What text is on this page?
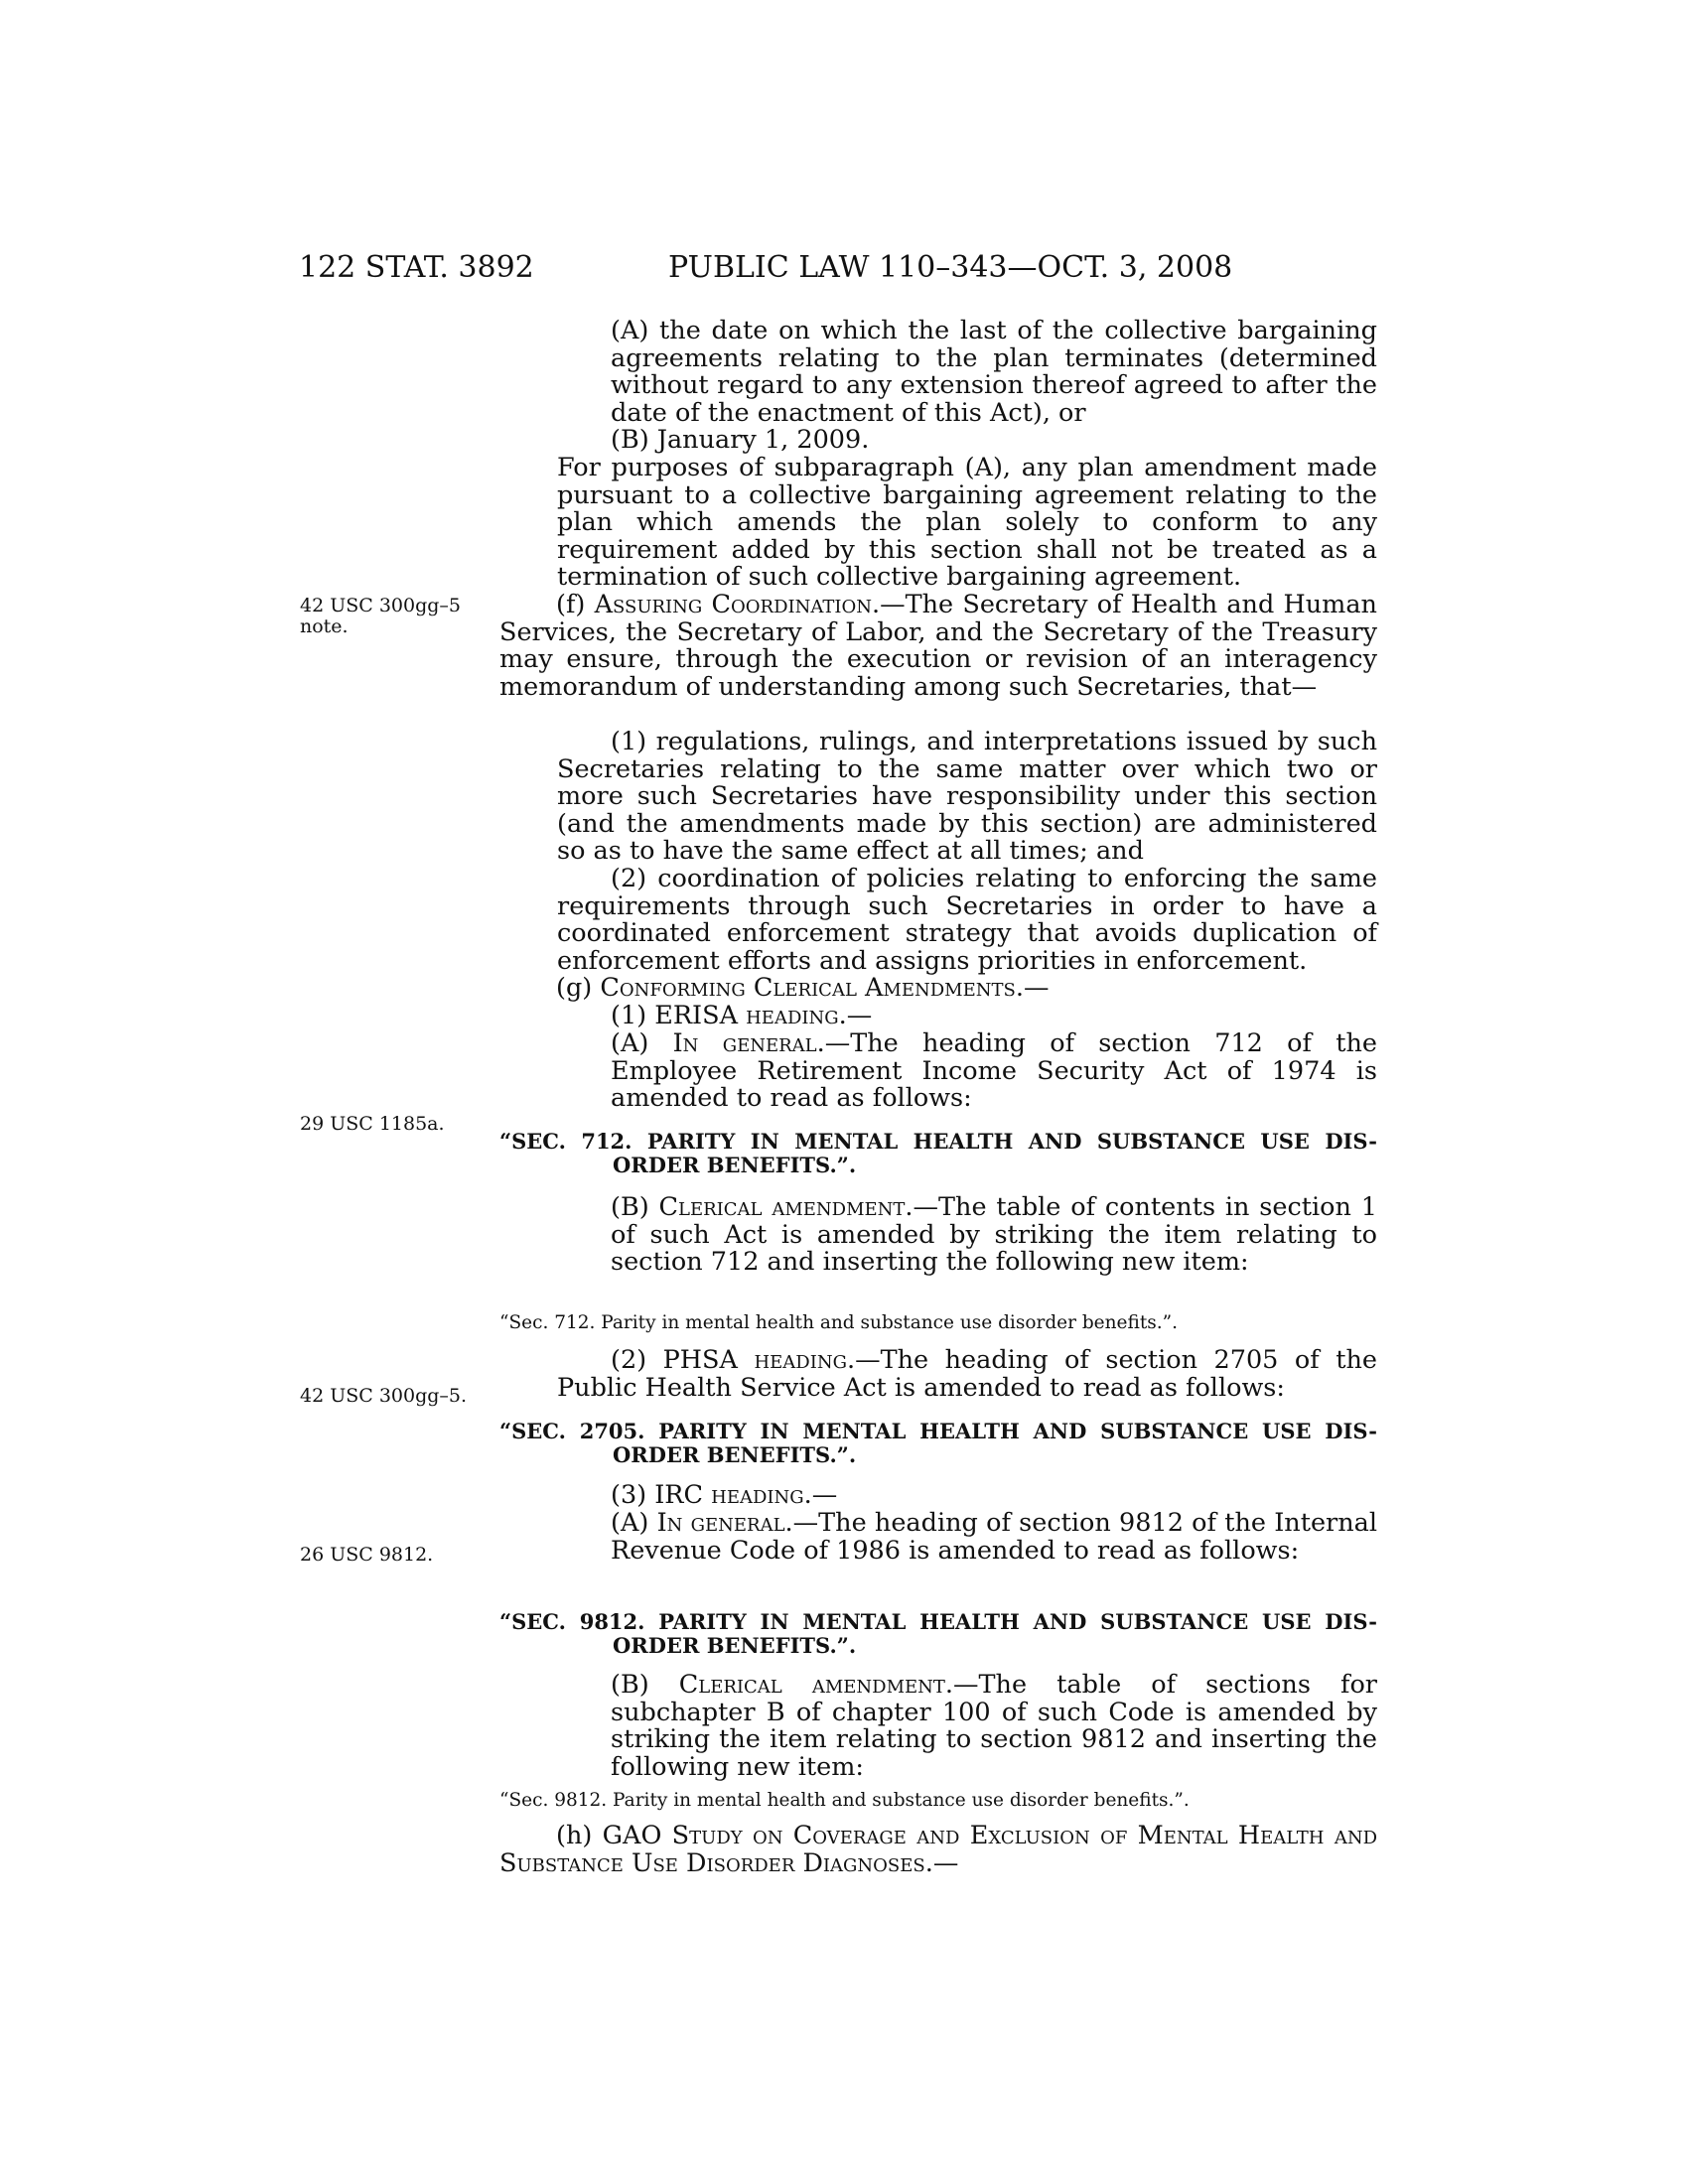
122 STAT. 3892	PUBLIC LAW 110–343—OCT. 3, 2008
42 USC 300gg–5
note.
29 USC 1185a.
42 USC 300gg–5.
26 USC 9812.

(A) the date on which the last of the collective bargaining agreements relating to the plan terminates (determined without regard to any extension thereof agreed to after the date of the enactment of this Act), or

(B) January 1, 2009.

For purposes of subparagraph (A), any plan amendment made pursuant to a collective bargaining agreement relating to the plan which amends the plan solely to conform to any requirement added by this section shall not be treated as a termination of such collective bargaining agreement.

(f) Assuring Coordination.—The Secretary of Health and Human Services, the Secretary of Labor, and the Secretary of the Treasury may ensure, through the execution or revision of an interagency memorandum of understanding among such Secretaries, that—

(1) regulations, rulings, and interpretations issued by such Secretaries relating to the same matter over which two or more such Secretaries have responsibility under this section (and the amendments made by this section) are administered so as to have the same effect at all times; and

(2) coordination of policies relating to enforcing the same requirements through such Secretaries in order to have a coordinated enforcement strategy that avoids duplication of enforcement efforts and assigns priorities in enforcement.

(g) Conforming Clerical Amendments.—

(1) ERISA heading.—

(A) In general.—The heading of section 712 of the Employee Retirement Income Security Act of 1974 is amended to read as follows:

“SEC. 712. PARITY IN MENTAL HEALTH AND SUBSTANCE USE DIS-
ORDER BENEFITS.”.

(B) Clerical amendment.—The table of contents in section 1 of such Act is amended by striking the item relating to section 712 and inserting the following new item:

“Sec. 712. Parity in mental health and substance use disorder benefits.”.

(2) PHSA heading.—The heading of section 2705 of the Public Health Service Act is amended to read as follows:

“SEC. 2705. PARITY IN MENTAL HEALTH AND SUBSTANCE USE DIS-
ORDER BENEFITS.”.

(3) IRC heading.—

(A) In general.—The heading of section 9812 of the Internal Revenue Code of 1986 is amended to read as follows:

“SEC. 9812. PARITY IN MENTAL HEALTH AND SUBSTANCE USE DIS-
ORDER BENEFITS.”.

(B) Clerical amendment.—The table of sections for subchapter B of chapter 100 of such Code is amended by striking the item relating to section 9812 and inserting the following new item:

“Sec. 9812. Parity in mental health and substance use disorder benefits.”.

(h) GAO Study on Coverage and Exclusion of Mental Health and Substance Use Disorder Diagnoses.—
